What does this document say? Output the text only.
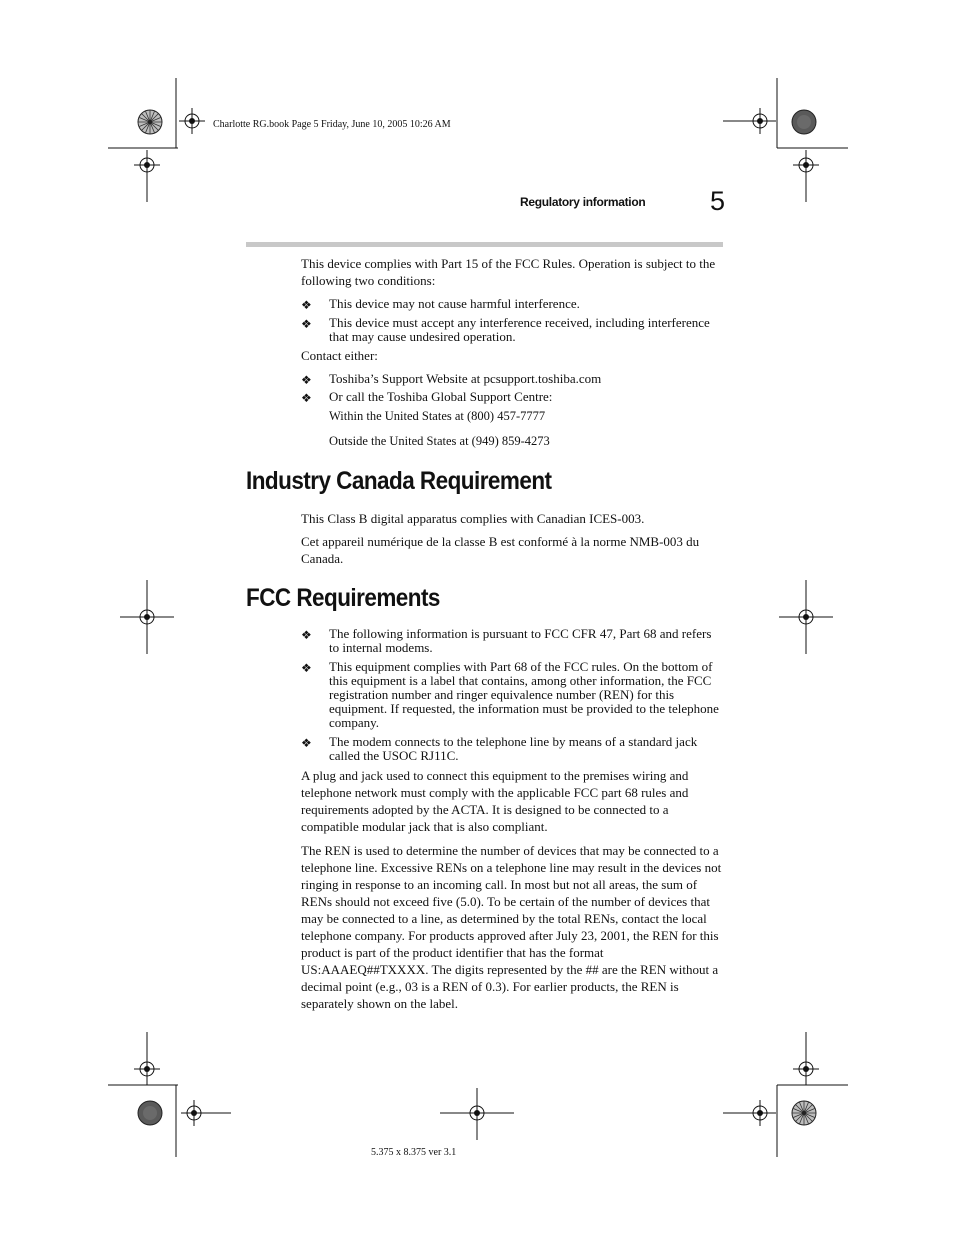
Charlotte RG.book Page 5 Friday, June 10, 2005 10:26 AM
Regulatory information 5
This device complies with Part 15 of the FCC Rules. Operation is subject to the following two conditions:
❖	This device may not cause harmful interference.
❖	This device must accept any interference received, including interference that may cause undesired operation.
Contact either:
❖	Toshiba’s Support Website at pcsupport.toshiba.com
❖	Or call the Toshiba Global Support Centre:
Within the United States at (800) 457-7777
Outside the United States at (949) 859-4273
Industry Canada Requirement
This Class B digital apparatus complies with Canadian ICES-003.
Cet appareil numérique de la classe B est conformé à la norme NMB-003 du Canada.
FCC Requirements
❖	The following information is pursuant to FCC CFR 47, Part 68 and refers to internal modems.
❖	This equipment complies with Part 68 of the FCC rules. On the bottom of this equipment is a label that contains, among other information, the FCC registration number and ringer equivalence number (REN) for this equipment. If requested, the information must be provided to the telephone company.
❖	The modem connects to the telephone line by means of a standard jack called the USOC RJ11C.
A plug and jack used to connect this equipment to the premises wiring and telephone network must comply with the applicable FCC part 68 rules and requirements adopted by the ACTA. It is designed to be connected to a compatible modular jack that is also compliant.
The REN is used to determine the number of devices that may be connected to a telephone line. Excessive RENs on a telephone line may result in the devices not ringing in response to an incoming call. In most but not all areas, the sum of RENs should not exceed five (5.0). To be certain of the number of devices that may be connected to a line, as determined by the total RENs, contact the local telephone company. For products approved after July 23, 2001, the REN for this product is part of the product identifier that has the format US:AAAEQ##TXXXX. The digits represented by the ## are the REN without a decimal point (e.g., 03 is a REN of 0.3). For earlier products, the REN is separately shown on the label.
5.375 x 8.375 ver 3.1
